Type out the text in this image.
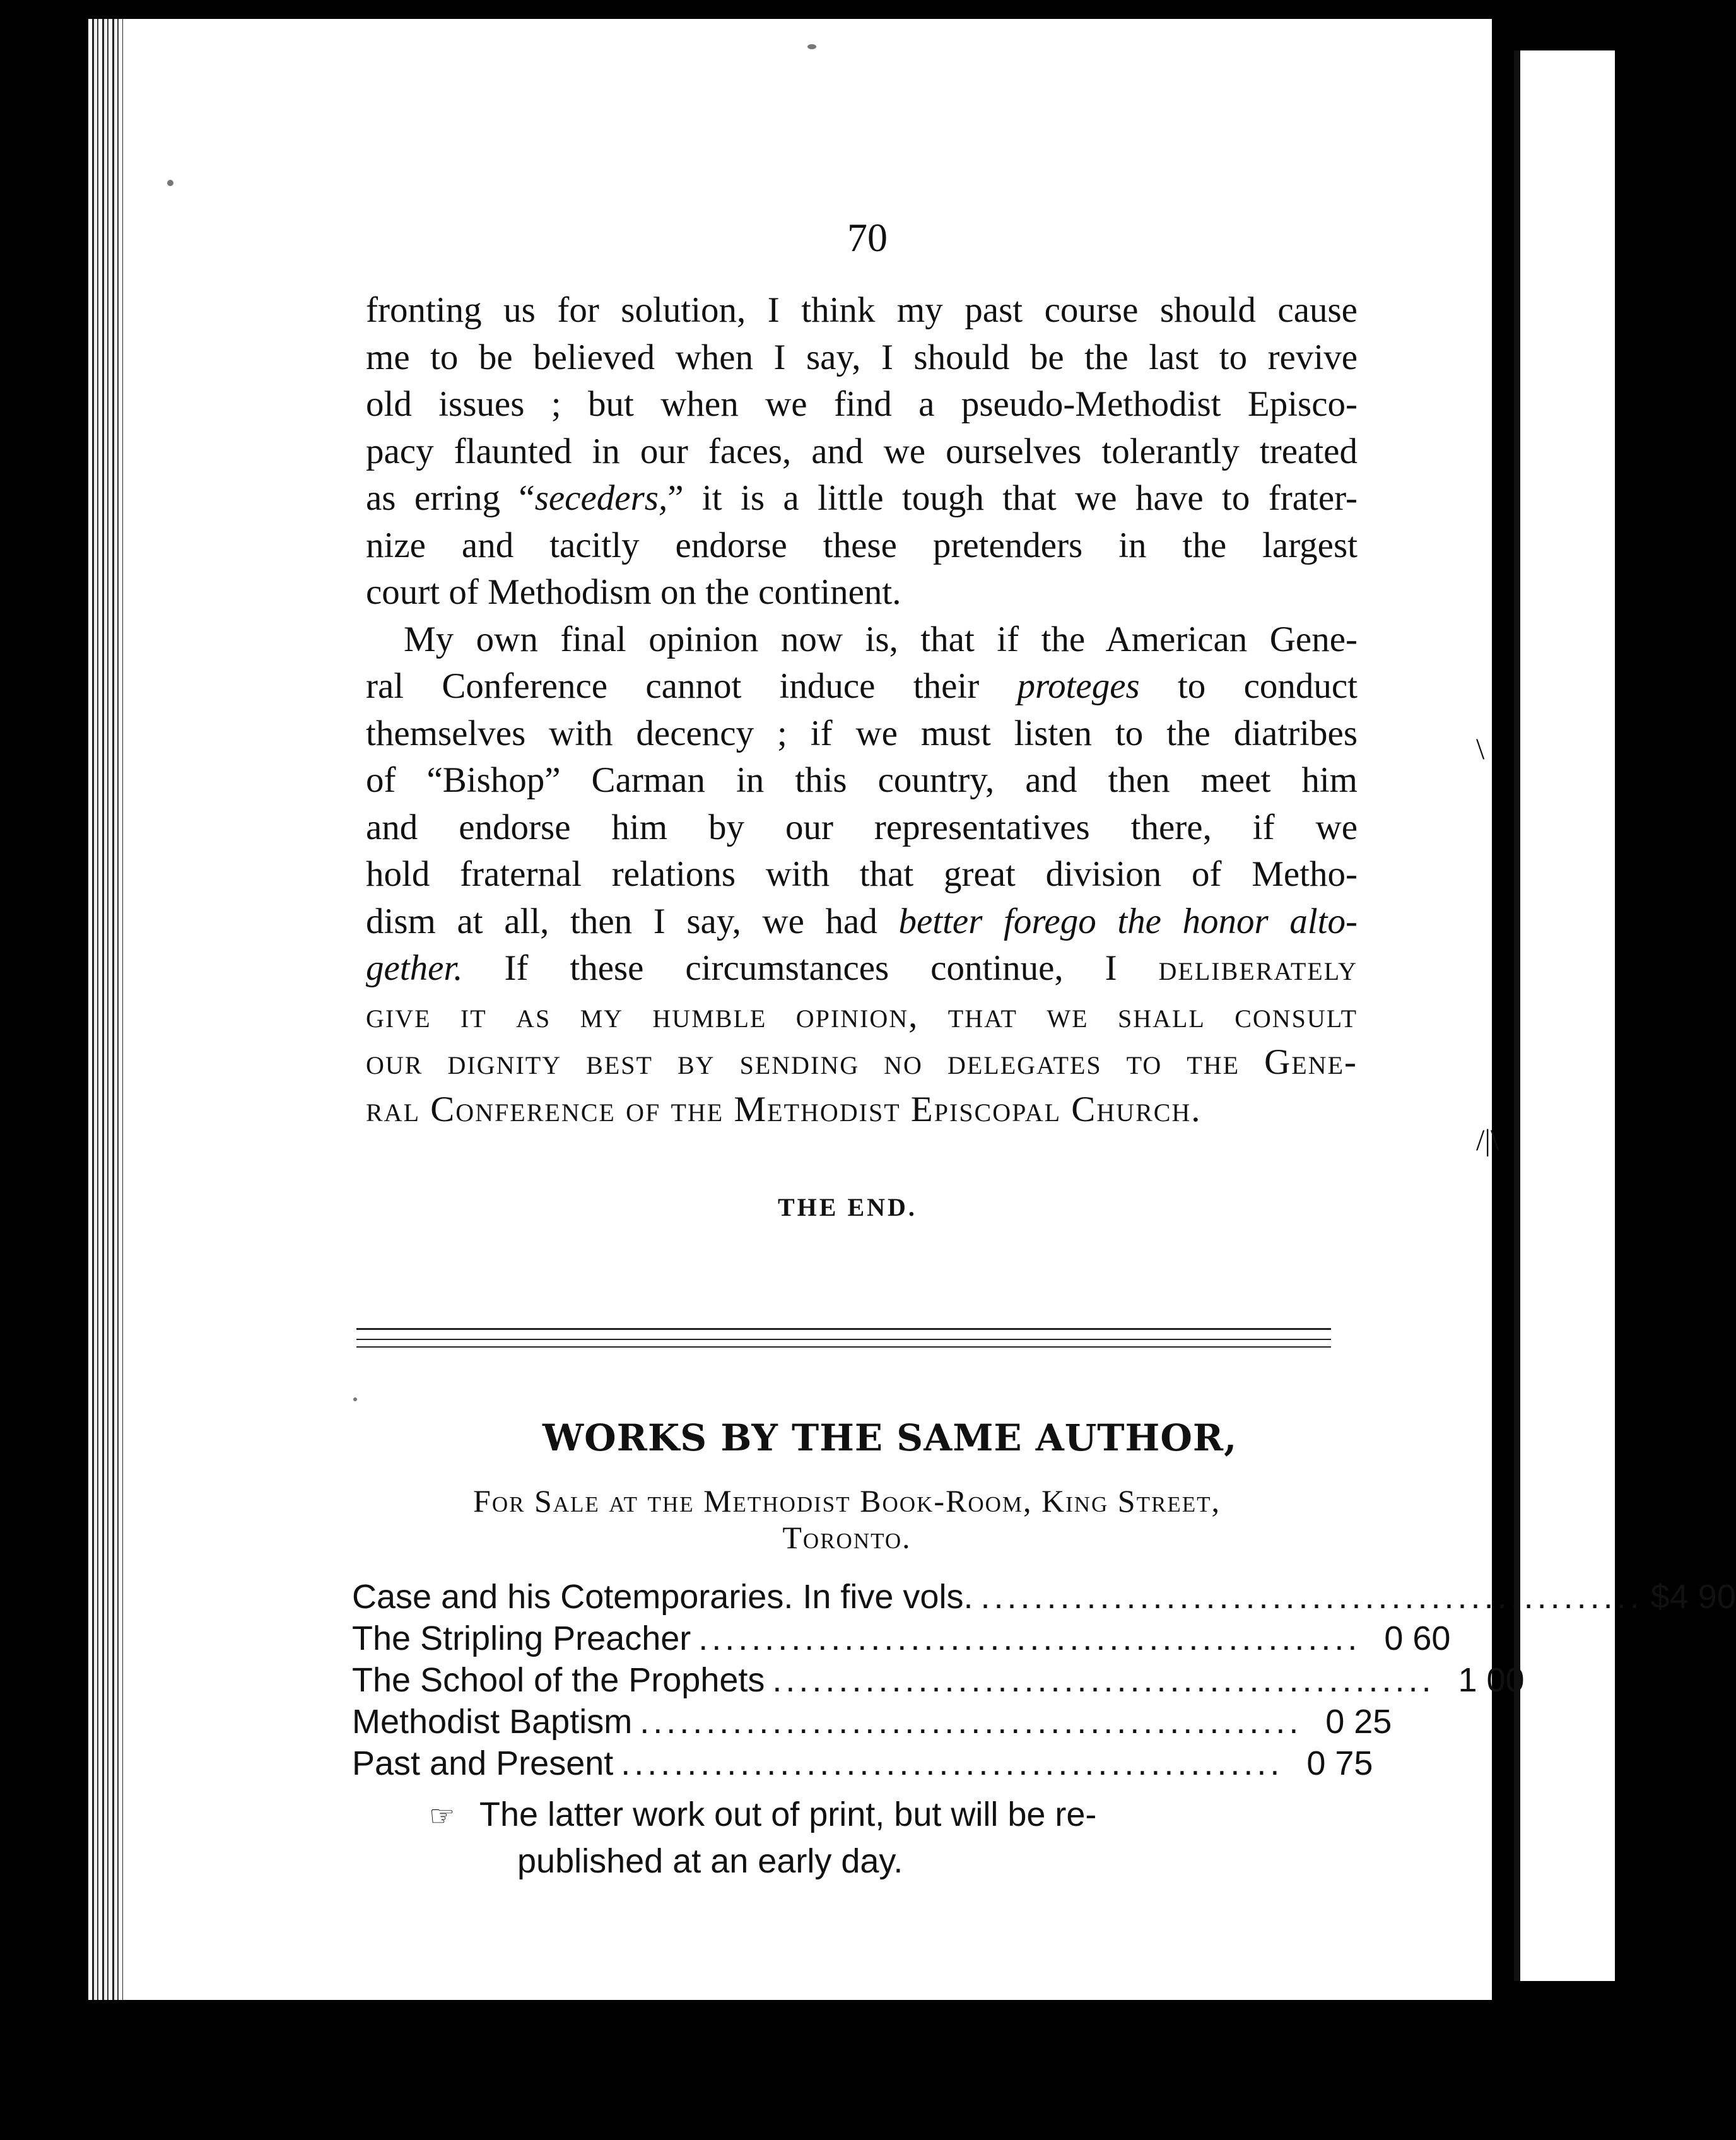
\
/|\
70
fronting us for solution, I think my past course should cause
me to be believed when I say, I should be the last to revive
old issues ; but when we find a pseudo-Methodist Episco-
pacy flaunted in our faces, and we ourselves tolerantly treated
as erring “seceders,” it is a little tough that we have to frater-
nize and tacitly endorse these pretenders in the largest
court of Methodism on the continent.
My own final opinion now is, that if the American Gene-
ral Conference cannot induce their proteges to conduct
themselves with decency ; if we must listen to the diatribes
of “Bishop” Carman in this country, and then meet him
and endorse him by our representatives there, if we
hold fraternal relations with that great division of Metho-
dism at all, then I say, we had better forego the honor alto-
gether. If these circumstances continue, I deliberately
give it as my humble opinion, that we shall consult
our dignity best by sending no delegates to the Gene-
ral Conference of the Methodist Episcopal Church.
THE END.
WORKS BY THE SAME AUTHOR,
For Sale at the Methodist Book-Room, King Street,
Toronto.
Case and his Cotemporaries. In five vols. .................................................. $4 90
The Stripling Preacher .................................................. 0 60
The School of the Prophets .................................................. 1 00
Methodist Baptism .................................................. 0 25
Past and Present .................................................. 0 75
☞ The latter work out of print, but will be re-
published at an early day.
